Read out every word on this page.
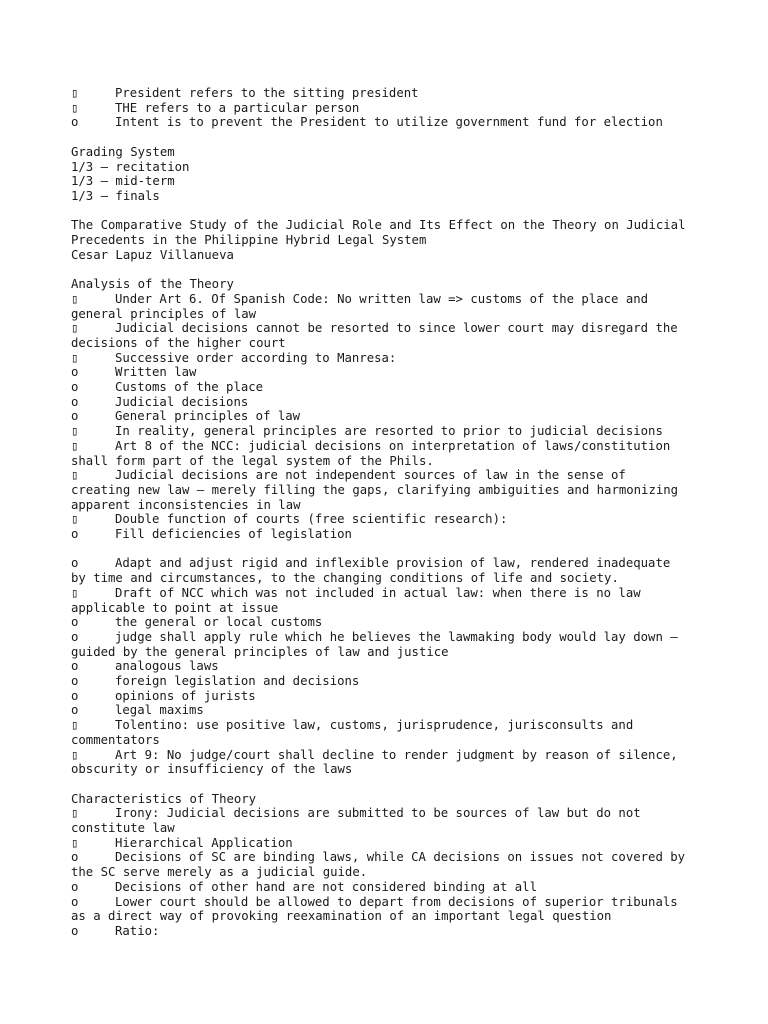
▯	President refers to the sitting president
▯	THE refers to a particular person
o	Intent is to prevent the President to utilize government fund for election
Grading System
1/3 – recitation
1/3 – mid-term
1/3 – finals
The Comparative Study of the Judicial Role and Its Effect on the Theory on Judicial
Precedents in the Philippine Hybrid Legal System
Cesar Lapuz Villanueva
Analysis of the Theory
▯	Under Art 6. Of Spanish Code: No written law => customs of the place and
general principles of law
▯	Judicial decisions cannot be resorted to since lower court may disregard the
decisions of the higher court
▯	Successive order according to Manresa:
o	Written law
o	Customs of the place
o	Judicial decisions
o	General principles of law
▯	In reality, general principles are resorted to prior to judicial decisions
▯	Art 8 of the NCC: judicial decisions on interpretation of laws/constitution
shall form part of the legal system of the Phils.
▯	Judicial decisions are not independent sources of law in the sense of
creating new law – merely filling the gaps, clarifying ambiguities and harmonizing
apparent inconsistencies in law
▯	Double function of courts (free scientific research):
o	Fill deficiencies of legislation
o	Adapt and adjust rigid and inflexible provision of law, rendered inadequate
by time and circumstances, to the changing conditions of life and society.
▯	Draft of NCC which was not included in actual law: when there is no law
applicable to point at issue
o	the general or local customs
o	judge shall apply rule which he believes the lawmaking body would lay down –
guided by the general principles of law and justice
o	analogous laws
o	foreign legislation and decisions
o	opinions of jurists
o	legal maxims
▯	Tolentino: use positive law, customs, jurisprudence, jurisconsults and
commentators
▯	Art 9: No judge/court shall decline to render judgment by reason of silence,
obscurity or insufficiency of the laws
Characteristics of Theory
▯	Irony: Judicial decisions are submitted to be sources of law but do not
constitute law
▯	Hierarchical Application
o	Decisions of SC are binding laws, while CA decisions on issues not covered by
the SC serve merely as a judicial guide.
o	Decisions of other hand are not considered binding at all
o	Lower court should be allowed to depart from decisions of superior tribunals
as a direct way of provoking reexamination of an important legal question
o	Ratio:
